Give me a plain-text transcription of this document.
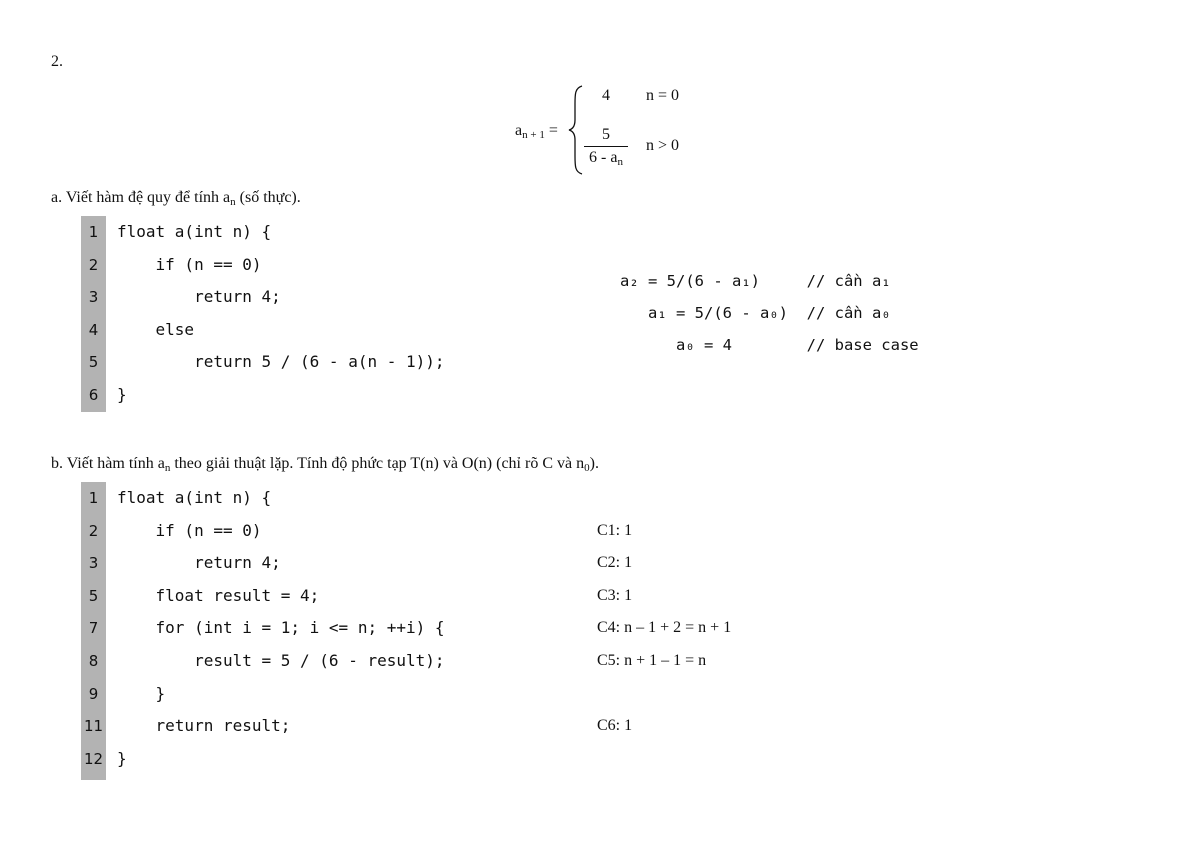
2.
$a_{n + 1}$ =
4 n = 0
5
$6 - a_n$
n > 0
a. Viết hàm đệ quy để tính $a_n$ (số thực).
1	float a(int n) {
2	if (n == 0)
3	return 4;
4	else
5	return 5 / (6 - a(n - 1));
6	}
a₂ = 5/(6 - a₁)     // cần a₁
a₁ = 5/(6 - a₀)  // cần a₀
a₀ = 4        // base case
b. Viết hàm tính $a_n$ theo giải thuật lặp. Tính độ phức tạp T(n) và O(n) (chỉ rõ C và $n_0$).
1	float a(int n) {
2	if (n == 0)
3	return 4;
5	float result = 4;
7	for (int i = 1; i <= n; ++i) {
8	result = 5 / (6 - result);
9	}
11 return result;
12 }
C1: 1
C2: 1
C3: 1
C4: n – 1 + 2 = n + 1
C5: n + 1 – 1 = n
C6: 1
